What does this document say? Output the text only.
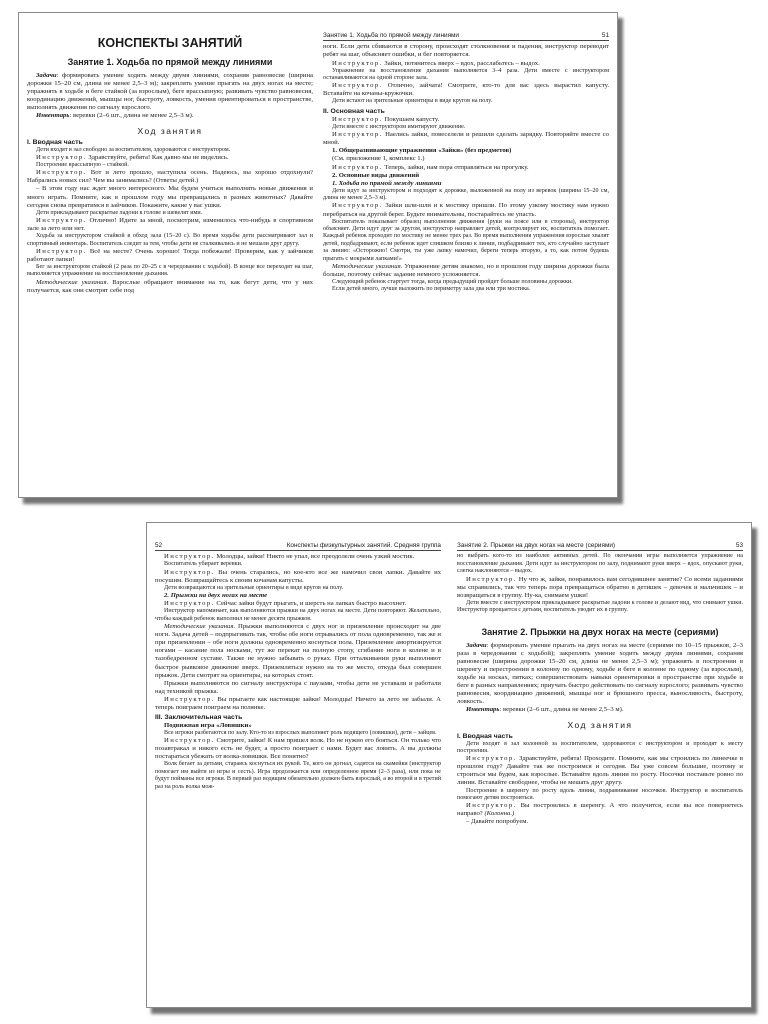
КОНСПЕКТЫ ЗАНЯТИЙ
Занятие 1. Ходьба по прямой между линиями

Задачи: формировать умение ходить между двумя линиями, сохраняя равновесие (ширина дорожки 15–20 см, длина не менее 2,5–3 м); закреплять умение прыгать на двух ногах на месте; упражнять в ходьбе и беге стайкой (за взрослым), беге врассыпную; развивать чувство равновесия, координацию движений, мышцы ног, быстроту, ловкость, умения ориентироваться в пространстве, выполнять движения по сигналу взрослого.

Инвентарь: веревки (2–6 шт., длина не менее 2,5–3 м).

Ход занятия
I. Вводная часть

Дети входят в зал свободно за воспитателем, здороваются с инструктором.

Инструктор. Здравствуйте, ребята! Как давно мы не виделись.

Построение врассыпную – стайкой.

Инструктор. Вот и лето прошло, наступила осень. Надеюсь, вы хорошо отдохнули? Набрались новых сил? Чем вы занимались? (Ответы детей.)

– В этом году нас ждет много интересного. Мы будем учиться выполнять новые движения и много играть. Помните, как в прошлом году мы превращались в разных животных? Давайте сегодня снова превратимся в зайчиков. Покажите, какие у вас ушки.

Дети прикладывают раскрытые ладони к голове и шевелят ими.

Инструктор. Отлично! Идите за мной, посмотрим, изменилось что-нибудь в спортивном зале за лето или нет.

Ходьба за инструктором стайкой в обход зала (15–20 с). Во время ходьбы дети рассматривают зал и спортивный инвентарь. Воспитатель следит за тем, чтобы дети не сталкивались и не мешали друг другу.

Инструктор. Всё на месте? Очень хорошо! Тогда побежали! Проверим, как у зайчиков работают лапки!

Бег за инструктором стайкой (2 раза по 20–25 с в чередовании с ходьбой). В конце все переходят на шаг, выполняется упражнение на восстановление дыхания.

Методические указания. Взрослые обращают внимание на то, как бегут дети, что у них получается, как они смотрят себе под

Занятие 1. Ходьба по прямой между линиями	51

ноги. Если дети сбиваются в сторону, происходят столкновения и падения, инструктор переводит ребят на шаг, объясняет ошибки, и бег повторяется.

Инструктор. Зайки, потянитесь вверх – вдох, расслабьтесь – выдох.

Упражнение на восстановление дыхания выполняется 3–4 раза. Дети вместе с инструктором останавливаются на одной стороне зала.

Инструктор. Отлично, зайчата! Смотрите, кто-то для вас здесь вырастил капусту. Вставайте на кочаны-кружочки.

Дети встают на зрительные ориентиры в виде кругов на полу.

II. Основная часть

Инструктор. Покушаем капусту.

Дети вместе с инструктором имитируют движение.

Инструктор. Наелись зайки, повеселели и решили сделать зарядку. Повторяйте вместе со мной.

1. Общеразвивающие упражнения «Зайки» (без предметов)

(См. приложение 1, комплекс 1.)

Инструктор. Теперь, зайки, нам пора отправляться на прогулку.

2. Основные виды движений

1. Ходьба по прямой между линиями

Дети идут за инструктором и подходят к дорожке, выложенной на полу из веревок (ширина 15–20 см, длина не менее 2,5–3 м).

Инструктор. Зайки шли-шли и к мостику пришли. По этому узкому мостику нам нужно перебраться на другой берег. Будьте внимательны, постарайтесь не упасть.

Воспитатель показывает образец выполнения движения (руки на поясе или в стороны), инструктор объясняет. Дети идут друг за другом, инструктор направляет детей, контролирует их, воспитатель помогает. Каждый ребенок проходит по мостику не менее трех раз. Во время выполнения упражнения взрослые хвалят детей, подбадривают, если ребенок идет слишком близко к линии, подбадривают тех, кто случайно заступает за линию: «Осторожно! Смотри, ты уже лапку намочил, береги теперь вторую, а то, как потом будешь прыгать с мокрыми лапками!»

Методические указания. Упражнение детям знакомо, но в прошлом году ширина дорожки была больше, поэтому сейчас задание немного усложняется.

Следующий ребенок стартует тогда, когда предыдущий пройдет больше половины дорожки.

Если детей много, лучше выложить по периметру зала два или три мостика.

52	Конспекты физкультурных занятий. Средняя группа

Инструктор. Молодцы, зайки! Никто не упал, все преодолели очень узкий мостик.

Воспитатель убирает веревки.

Инструктор. Вы очень старались, но кое-кто все же намочил свои лапки. Давайте их посушим. Возвращайтесь к своим кочанам капусты.

Дети возвращаются на зрительные ориентиры в виде кругов на полу.

2. Прыжки на двух ногах на месте

Инструктор. Сейчас зайки будут прыгать, и шерсть на лапках быстро высохнет.

Инструктор напоминает, как выполняются прыжки на двух ногах на месте. Дети повторяют. Желательно, чтобы каждый ребенок выполнил не менее десяти прыжков.

Методические указания. Прыжки выполняются с двух ног и приземление происходит на две ноги. Задача детей – подпрыгивать так, чтобы обе ноги отрывались от пола одновременно, так же и при приземлении – обе ноги должны одновременно коснуться пола. Приземление амортизируется ногами – касание пола носками, тут же перекат на полную стопу, сгибание ноги в колене и в тазобедренном суставе. Также не нужно забывать о руках. При отталкивании руки выполняют быстрое рывковое движение вверх. Приземляться нужно на то же место, откуда был совершен прыжок. Дети смотрят на ориентиры, на которых стоят.

Прыжки выполняются по сигналу инструктора с паузами, чтобы дети не уставали и работали над техникой прыжка.

Инструктор. Вы прыгаете как настоящие зайки! Молодцы! Ничего за лето не забыли. А теперь поиграем поиграем на полянке.

III. Заключительная часть

Подвижная игра «Ловишки»

Все игроки разбегаются по залу. Кто-то из взрослых выполняет роль водящего (ловишки), дети – зайцев.

Инструктор. Смотрите, зайки! К нам пришел волк. Но не нужно его бояться. Он только что позавтракал и никого есть не будет, а просто поиграет с нами. Будет вас ловить. А вы должны постараться убежать от волка-ловишки. Все понятно?

Волк бегает за детьми, стараясь коснуться их рукой. Те, кого он догнал, садятся на скамейки (инструктор помогает им выйти из игры и сесть). Игра продолжается или определенное время (2–3 раза), или пока не будут пойманы все игроки. В первый раз водящим обязательно должен быть взрослый, а во второй и в третий раз на роль волка мож-

Занятие 2. Прыжки на двух ногах на месте (сериями)	53

но выбрать кого-то из наиболее активных детей. По окончании игры выполняется упражнение на восстановление дыхания. Дети идут за инструктором по залу, поднимают руки вверх – вдох, опускают руки, слегка наклоняются – выдох.

Инструктор. Ну что ж, зайки, понравилось вам сегодняшнее занятие? Со всеми заданиями мы справились, так что теперь пора превращаться обратно в детишек – девочек и мальчишек – и возвращаться в группу. Ну-ка, снимаем ушки!

Дети вместе с инструктором прикладывают раскрытые ладони к голове и делают вид, что снимают ушки. Инструктор прощается с детьми, воспитатель уводит их в группу.

Занятие 2. Прыжки на двух ногах на месте (сериями)

Задачи: формировать умение прыгать на двух ногах на месте (сериями по 10–15 прыжков, 2–3 раза в чередовании с ходьбой); закреплять умение ходить между двумя линиями, сохраняя равновесие (ширина дорожки 15–20 см, длина не менее 2,5–3 м); упражнять в построении в шеренгу и перестроении в колонну по одному, ходьбе и беге в колонне по одному (за взрослым), ходьбе на носках, пятках; совершенствовать навыки ориентировки в пространстве при ходьбе и беге в разных направлениях; приучать быстро действовать по сигналу взрослого; развивать чувство равновесия, координацию движений, мышцы ног и брюшного пресса, выносливость, быстроту, ловкость.

Инвентарь: веревки (2–6 шт., длина не менее 2,5–3 м).

Ход занятия
I. Вводная часть

Дети входят в зал колонной за воспитателем, здороваются с инструктором и проходят к месту построения.

Инструктор. Здравствуйте, ребята! Проходите. Помните, как мы строились по линеечке в прошлом году? Давайте так же построимся и сегодня. Вы уже совсем большие, поэтому и строиться мы будем, как взрослые. Вставайте вдоль линии по росту. Носочки поставьте ровно по линии. Вставайте свободнее, чтобы не мешать друг другу.

Построение в шеренгу по росту вдоль линии, подравнивание носочков. Инструктор и воспитатель помогают детям построиться.

Инструктор. Вы построились в шеренгу. А что получится, если вы все повернетесь направо? (Колонна.)

– Давайте попробуем.
